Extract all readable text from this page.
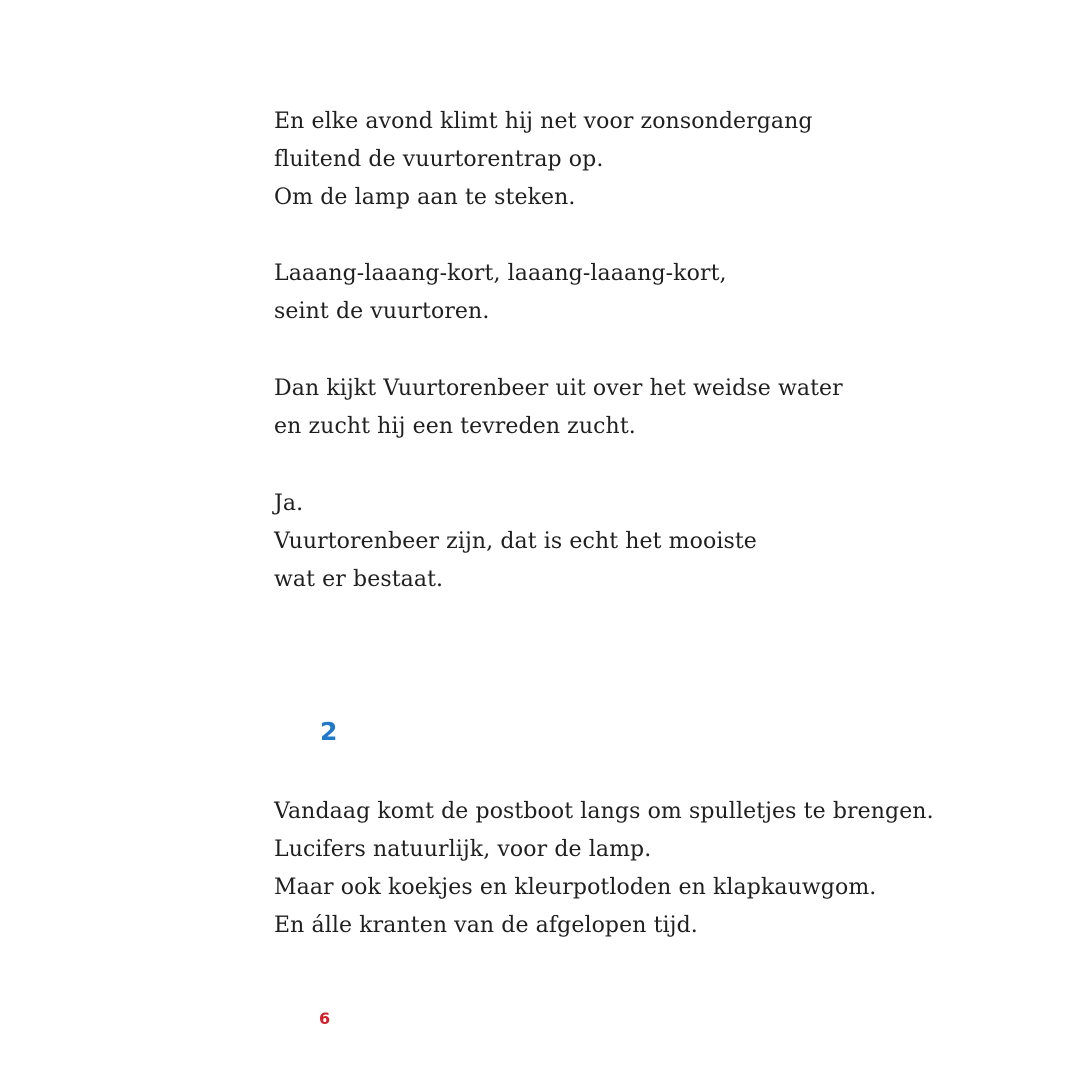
En elke avond klimt hij net voor zonsondergang
fluitend de vuurtorentrap op.
Om de lamp aan te steken.
Laaang-laaang-kort, laaang-laaang-kort,
seint de vuurtoren.
Dan kijkt Vuurtorenbeer uit over het weidse water
en zucht hij een tevreden zucht.
Ja.
Vuurtorenbeer zijn, dat is echt het mooiste
wat er bestaat.
2
Vandaag komt de postboot langs om spulletjes te brengen.
Lucifers natuurlijk, voor de lamp.
Maar ook koekjes en kleurpotloden en klapkauwgom.
En álle kranten van de afgelopen tijd.
6
